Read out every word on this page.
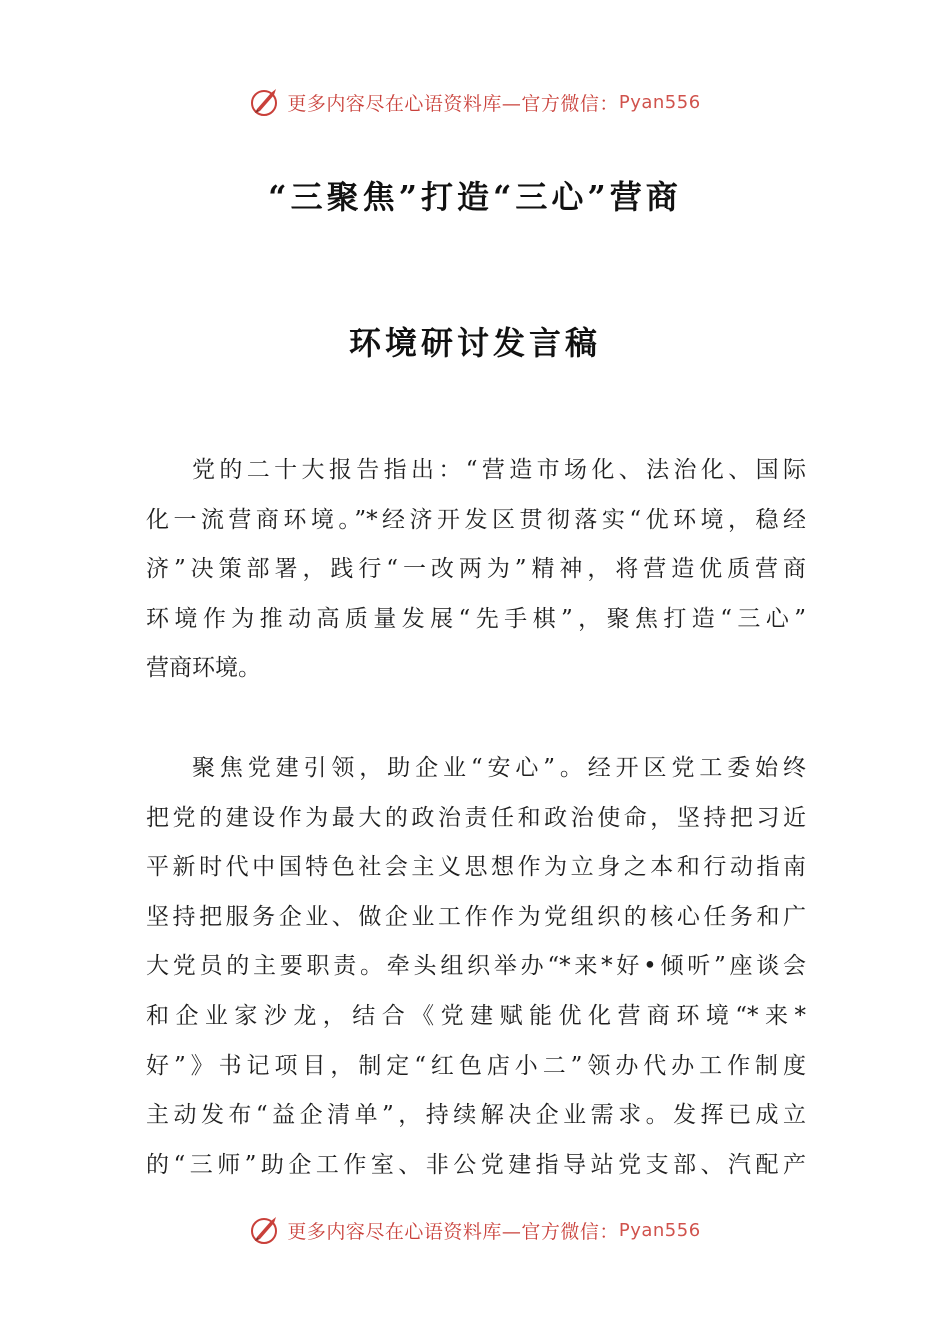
更多内容尽在心语资料库—官方微信： Pyan556
“三聚焦”打造“三心”营商
环境研讨发言稿
党的二十大报告指出：“营造市场化、法治化、国际
化一流营商环境。”*经济开发区贯彻落实“优环境，稳经
济”决策部署，践行“一改两为”精神，将营造优质营商
环境作为推动高质量发展“先手棋”，聚焦打造“三心”
营商环境。
聚焦党建引领，助企业“安心”。经开区党工委始终
把党的建设作为最大的政治责任和政治使命，坚持把习近
平新时代中国特色社会主义思想作为立身之本和行动指南
坚持把服务企业、做企业工作作为党组织的核心任务和广
大党员的主要职责。牵头组织举办“*来*好•倾听”座谈会
和企业家沙龙，结合《党建赋能优化营商环境“*来*
好”》书记项目，制定“红色店小二”领办代办工作制度
主动发布“益企清单”，持续解决企业需求。发挥已成立
的“三师”助企工作室、非公党建指导站党支部、汽配产
更多内容尽在心语资料库—官方微信： Pyan556
